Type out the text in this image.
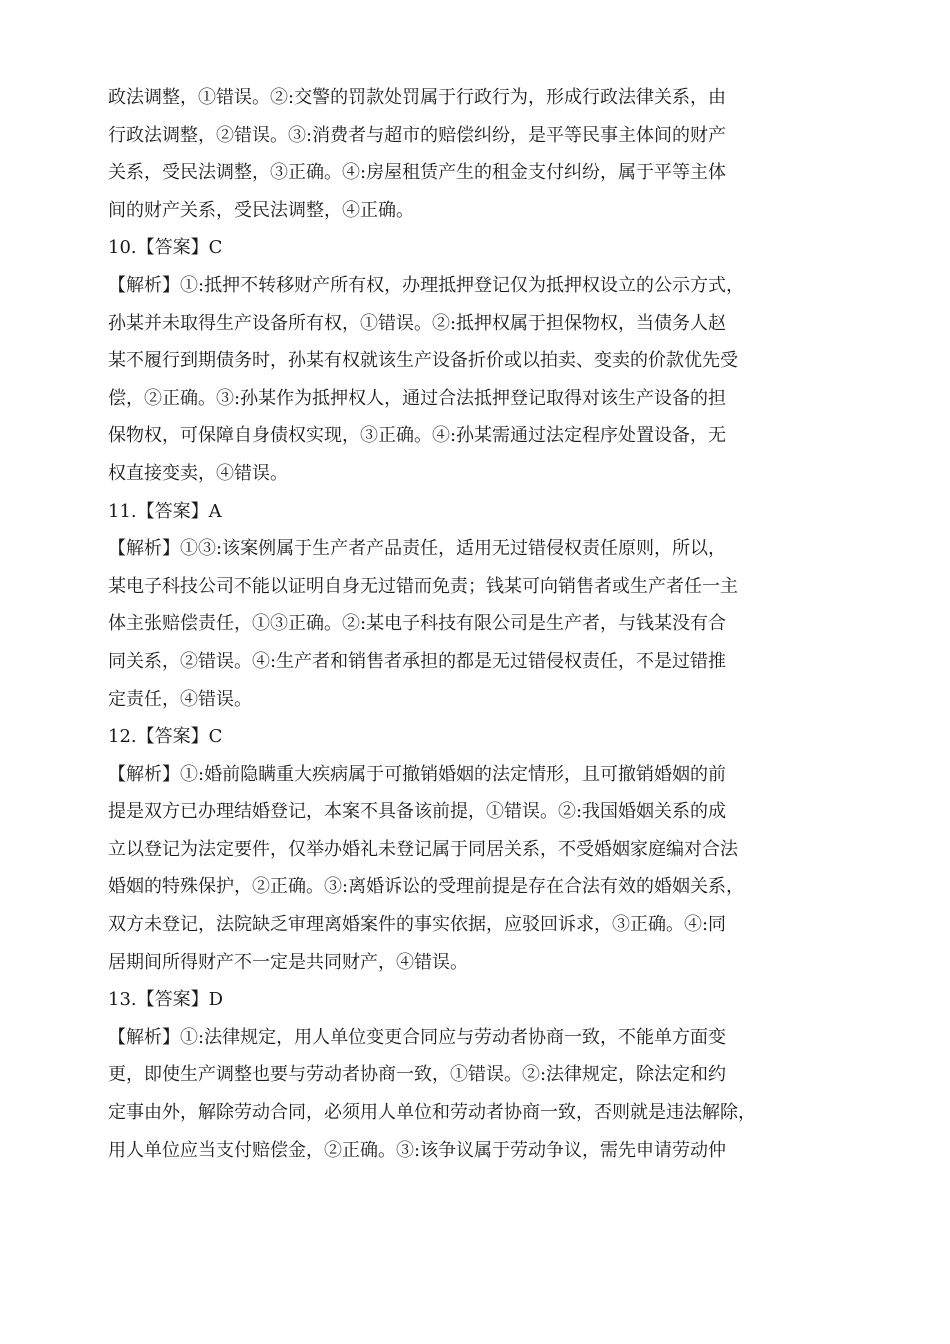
政法调整，①错误。②:交警的罚款处罚属于行政行为，形成行政法律关系，由
行政法调整，②错误。③:消费者与超市的赔偿纠纷，是平等民事主体间的财产
关系，受民法调整，③正确。④:房屋租赁产生的租金支付纠纷，属于平等主体
间的财产关系，受民法调整，④正确。
10.【答案】C
【解析】①:抵押不转移财产所有权，办理抵押登记仅为抵押权设立的公示方式，
孙某并未取得生产设备所有权，①错误。②:抵押权属于担保物权，当债务人赵
某不履行到期债务时，孙某有权就该生产设备折价或以拍卖、变卖的价款优先受
偿，②正确。③:孙某作为抵押权人，通过合法抵押登记取得对该生产设备的担
保物权，可保障自身债权实现，③正确。④:孙某需通过法定程序处置设备，无
权直接变卖，④错误。
11.【答案】A
【解析】①③:该案例属于生产者产品责任，适用无过错侵权责任原则，所以，
某电子科技公司不能以证明自身无过错而免责；钱某可向销售者或生产者任一主
体主张赔偿责任，①③正确。②:某电子科技有限公司是生产者，与钱某没有合
同关系，②错误。④:生产者和销售者承担的都是无过错侵权责任，不是过错推
定责任，④错误。
12.【答案】C
【解析】①:婚前隐瞒重大疾病属于可撤销婚姻的法定情形，且可撤销婚姻的前
提是双方已办理结婚登记，本案不具备该前提，①错误。②:我国婚姻关系的成
立以登记为法定要件，仅举办婚礼未登记属于同居关系，不受婚姻家庭编对合法
婚姻的特殊保护，②正确。③:离婚诉讼的受理前提是存在合法有效的婚姻关系，
双方未登记，法院缺乏审理离婚案件的事实依据，应驳回诉求，③正确。④:同
居期间所得财产不一定是共同财产，④错误。
13.【答案】D
【解析】①:法律规定，用人单位变更合同应与劳动者协商一致，不能单方面变
更，即使生产调整也要与劳动者协商一致，①错误。②:法律规定，除法定和约
定事由外，解除劳动合同，必须用人单位和劳动者协商一致，否则就是违法解除，
用人单位应当支付赔偿金，②正确。③:该争议属于劳动争议，需先申请劳动仲
